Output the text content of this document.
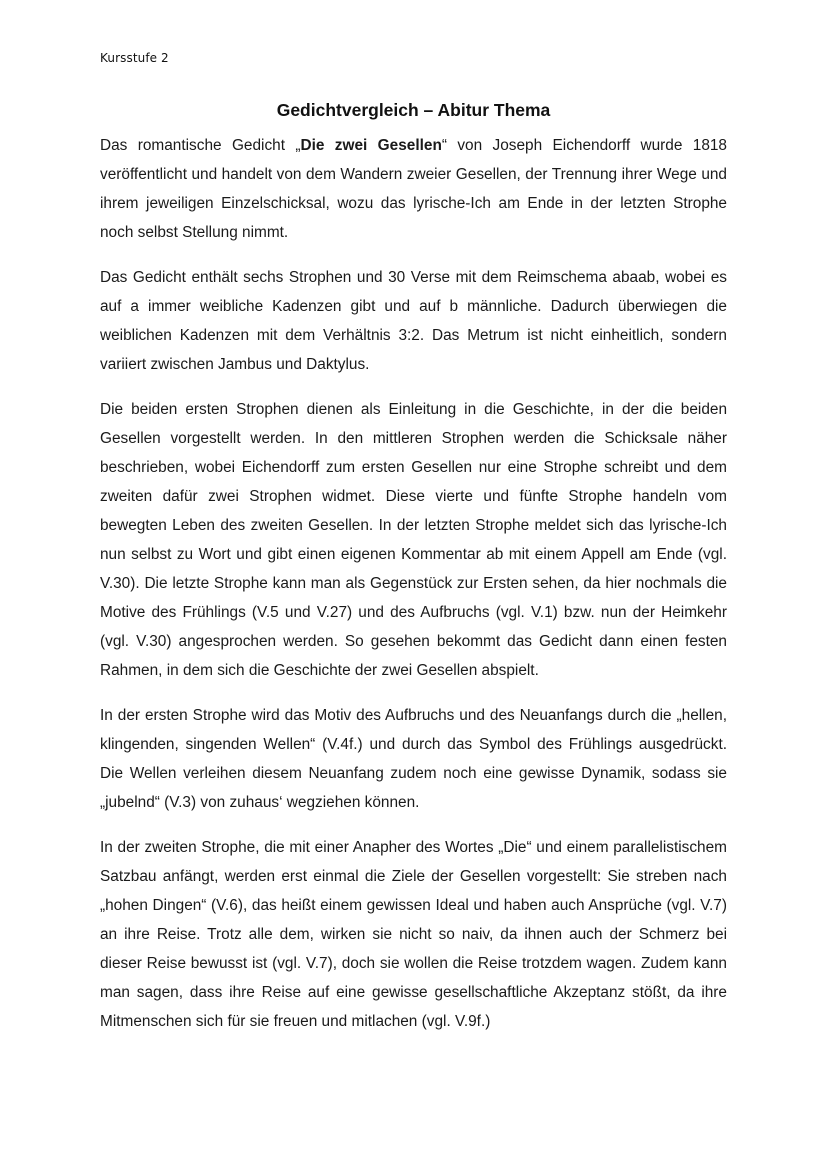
Kursstufe 2
Gedichtvergleich – Abitur Thema

Das romantische Gedicht „Die zwei Gesellen“ von Joseph Eichendorff wurde 1818 veröffentlicht und handelt von dem Wandern zweier Gesellen, der Trennung ihrer Wege und ihrem jeweiligen Einzelschicksal, wozu das lyrische-Ich am Ende in der letzten Strophe noch selbst Stellung nimmt.

Das Gedicht enthält sechs Strophen und 30 Verse mit dem Reimschema abaab, wobei es auf a immer weibliche Kadenzen gibt und auf b männliche. Dadurch überwiegen die weiblichen Kadenzen mit dem Verhältnis 3:2. Das Metrum ist nicht einheitlich, sondern variiert zwischen Jambus und Daktylus.

Die beiden ersten Strophen dienen als Einleitung in die Geschichte, in der die beiden Gesellen vorgestellt werden. In den mittleren Strophen werden die Schicksale näher beschrieben, wobei Eichendorff zum ersten Gesellen nur eine Strophe schreibt und dem zweiten dafür zwei Strophen widmet. Diese vierte und fünfte Strophe handeln vom bewegten Leben des zweiten Gesellen. In der letzten Strophe meldet sich das lyrische-Ich nun selbst zu Wort und gibt einen eigenen Kommentar ab mit einem Appell am Ende (vgl. V.30). Die letzte Strophe kann man als Gegenstück zur Ersten sehen, da hier nochmals die Motive des Frühlings (V.5 und V.27) und des Aufbruchs (vgl. V.1) bzw. nun der Heimkehr (vgl. V.30) angesprochen werden. So gesehen bekommt das Gedicht dann einen festen Rahmen, in dem sich die Geschichte der zwei Gesellen abspielt.

In der ersten Strophe wird das Motiv des Aufbruchs und des Neuanfangs durch die „hellen, klingenden, singenden Wellen“ (V.4f.) und durch das Symbol des Frühlings ausgedrückt. Die Wellen verleihen diesem Neuanfang zudem noch eine gewisse Dynamik, sodass sie „jubelnd“ (V.3) von zuhaus‘ wegziehen können.

In der zweiten Strophe, die mit einer Anapher des Wortes „Die“ und einem parallelistischem Satzbau anfängt, werden erst einmal die Ziele der Gesellen vorgestellt: Sie streben nach „hohen Dingen“ (V.6), das heißt einem gewissen Ideal und haben auch Ansprüche (vgl. V.7) an ihre Reise. Trotz alle dem, wirken sie nicht so naiv, da ihnen auch der Schmerz bei dieser Reise bewusst ist (vgl. V.7), doch sie wollen die Reise trotzdem wagen. Zudem kann man sagen, dass ihre Reise auf eine gewisse gesellschaftliche Akzeptanz stößt, da ihre Mitmenschen sich für sie freuen und mitlachen (vgl. V.9f.)
